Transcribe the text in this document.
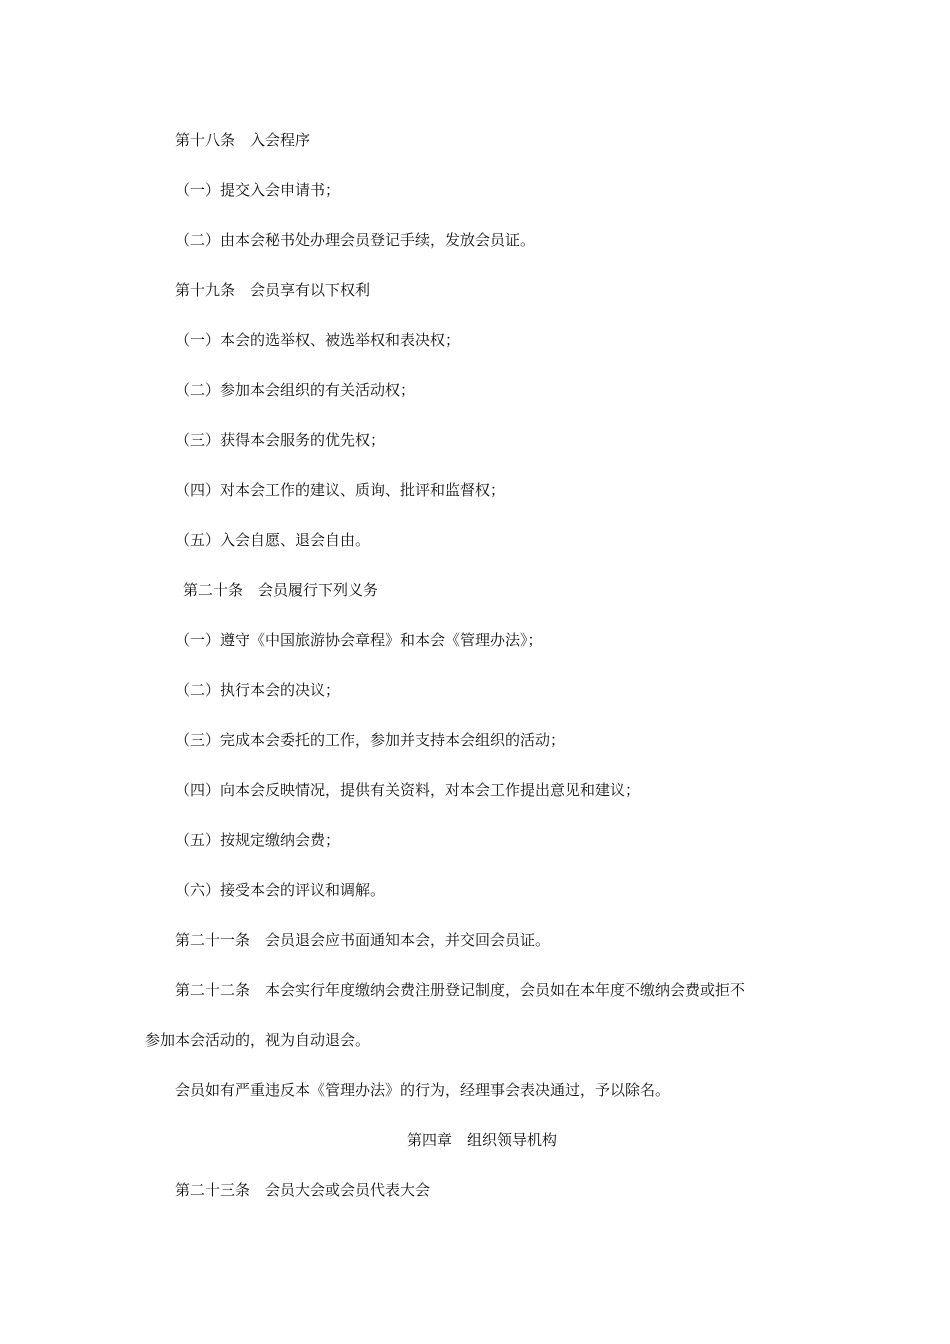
第十八条　入会程序
（一）提交入会申请书；
（二）由本会秘书处办理会员登记手续，发放会员证。
第十九条　会员享有以下权利
（一）本会的选举权、被选举权和表决权；
（二）参加本会组织的有关活动权；
（三）获得本会服务的优先权；
（四）对本会工作的建议、质询、批评和监督权；
（五）入会自愿、退会自由。
第二十条　会员履行下列义务
（一）遵守《中国旅游协会章程》和本会《管理办法》；
（二）执行本会的决议；
（三）完成本会委托的工作，参加并支持本会组织的活动；
（四）向本会反映情况，提供有关资料，对本会工作提出意见和建议；
（五）按规定缴纳会费；
（六）接受本会的评议和调解。
第二十一条　会员退会应书面通知本会，并交回会员证。
第二十二条　本会实行年度缴纳会费注册登记制度，会员如在本年度不缴纳会费或拒不
参加本会活动的，视为自动退会。
会员如有严重违反本《管理办法》的行为，经理事会表决通过，予以除名。
第四章　组织领导机构
第二十三条　会员大会或会员代表大会
